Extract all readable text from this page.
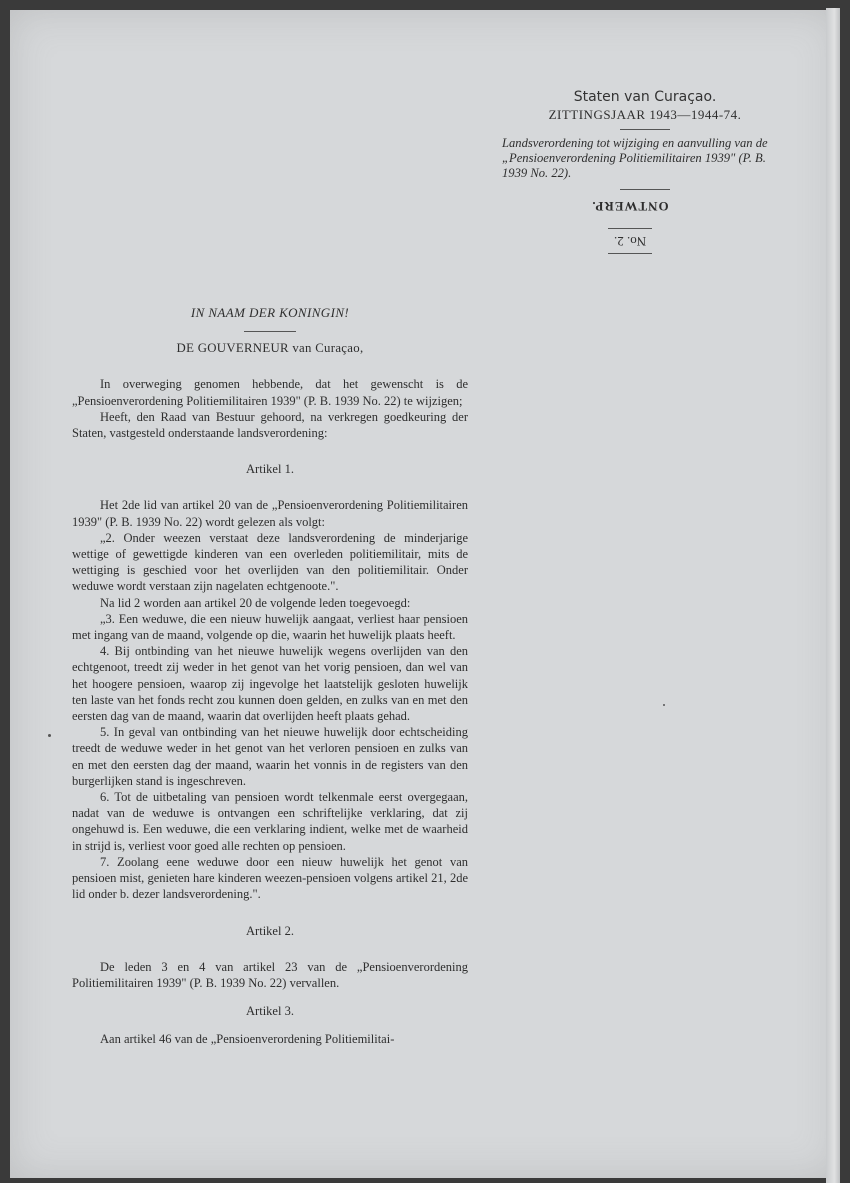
Staten van Curaçao.
ZITTINGSJAAR 1943—1944-74.
Landsverordening tot wijziging en aanvulling van de „Pensioenverordening Politiemilitairen 1939" (P. B. 1939 No. 22).
No. 2.
ONTWERP.

IN NAAM DER KONINGIN!

DE GOUVERNEUR van Curaçao,

In overweging genomen hebbende, dat het gewenscht is de „Pensioenverordening Politiemilitairen 1939" (P. B. 1939 No. 22) te wijzigen;

Heeft, den Raad van Bestuur gehoord, na verkregen goedkeuring der Staten, vastgesteld onderstaande landsverordening:

Artikel 1.

Het 2de lid van artikel 20 van de „Pensioenverordening Politiemilitairen 1939" (P. B. 1939 No. 22) wordt gelezen als volgt:

„2. Onder weezen verstaat deze landsverordening de minderjarige wettige of gewettigde kinderen van een overleden politiemilitair, mits de wettiging is geschied voor het overlijden van den politiemilitair. Onder weduwe wordt verstaan zijn nagelaten echtgenoote.".

Na lid 2 worden aan artikel 20 de volgende leden toegevoegd:

„3. Een weduwe, die een nieuw huwelijk aangaat, verliest haar pensioen met ingang van de maand, volgende op die, waarin het huwelijk plaats heeft.

4. Bij ontbinding van het nieuwe huwelijk wegens overlijden van den echtgenoot, treedt zij weder in het genot van het vorig pensioen, dan wel van het hoogere pensioen, waarop zij ingevolge het laatstelijk gesloten huwelijk ten laste van het fonds recht zou kunnen doen gelden, en zulks van en met den eersten dag van de maand, waarin dat overlijden heeft plaats gehad.

5. In geval van ontbinding van het nieuwe huwelijk door echtscheiding treedt de weduwe weder in het genot van het verloren pensioen en zulks van en met den eersten dag der maand, waarin het vonnis in de registers van den burgerlijken stand is ingeschreven.

6. Tot de uitbetaling van pensioen wordt telkenmale eerst overgegaan, nadat van de weduwe is ontvangen een schriftelijke verklaring, dat zij ongehuwd is. Een weduwe, die een verklaring indient, welke met de waarheid in strijd is, verliest voor goed alle rechten op pensioen.

7. Zoolang eene weduwe door een nieuw huwelijk het genot van pensioen mist, genieten hare kinderen weezen-pensioen volgens artikel 21, 2de lid onder b. dezer landsverordening.".

Artikel 2.

De leden 3 en 4 van artikel 23 van de „Pensioenverordening Politiemilitairen 1939" (P. B. 1939 No. 22) vervallen.

Artikel 3.

Aan artikel 46 van de „Pensioenverordening Politiemilitai-
